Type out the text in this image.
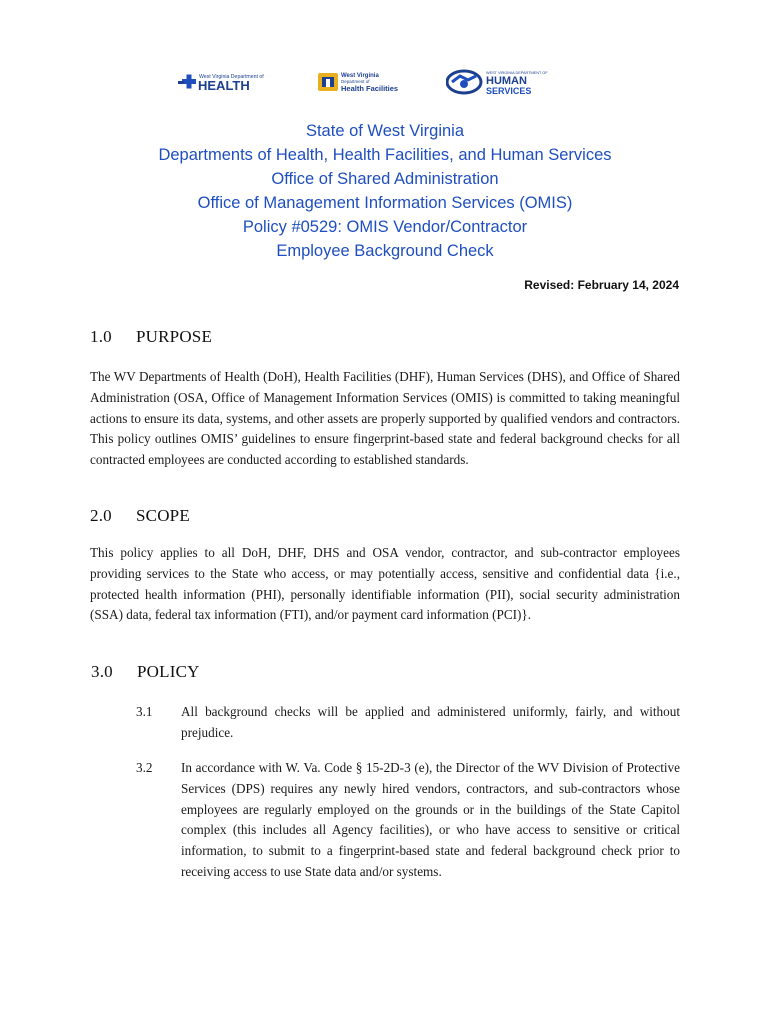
West Virginia Department of
HEALTH
West Virginia
Department of
Health Facilities
WEST VIRGINIA DEPARTMENT OF
HUMAN
SERVICES
State of West Virginia
Departments of Health, Health Facilities, and Human Services
Office of Shared Administration
Office of Management Information Services (OMIS)
Policy #0529: OMIS Vendor/Contractor
Employee Background Check
Revised: February 14, 2024
1.0 PURPOSE
The WV Departments of Health (DoH), Health Facilities (DHF), Human Services (DHS), and Office of Shared Administration (OSA, Office of Management Information Services (OMIS) is committed to taking meaningful actions to ensure its data, systems, and other assets are properly supported by qualified vendors and contractors. This policy outlines OMIS’ guidelines to ensure fingerprint-based state and federal background checks for all contracted employees are conducted according to established standards.
2.0 SCOPE
This policy applies to all DoH, DHF, DHS and OSA vendor, contractor, and sub-contractor employees providing services to the State who access, or may potentially access, sensitive and confidential data {i.e., protected health information (PHI), personally identifiable information (PII), social security administration (SSA) data, federal tax information (FTI), and/or payment card information (PCI)}.
3.0 POLICY
3.1	All background checks will be applied and administered uniformly, fairly, and without prejudice.
3.2	In accordance with W. Va. Code § 15-2D-3 (e), the Director of the WV Division of Protective Services (DPS) requires any newly hired vendors, contractors, and sub-contractors whose employees are regularly employed on the grounds or in the buildings of the State Capitol complex (this includes all Agency facilities), or who have access to sensitive or critical information, to submit to a fingerprint-based state and federal background check prior to receiving access to use State data and/or systems.
